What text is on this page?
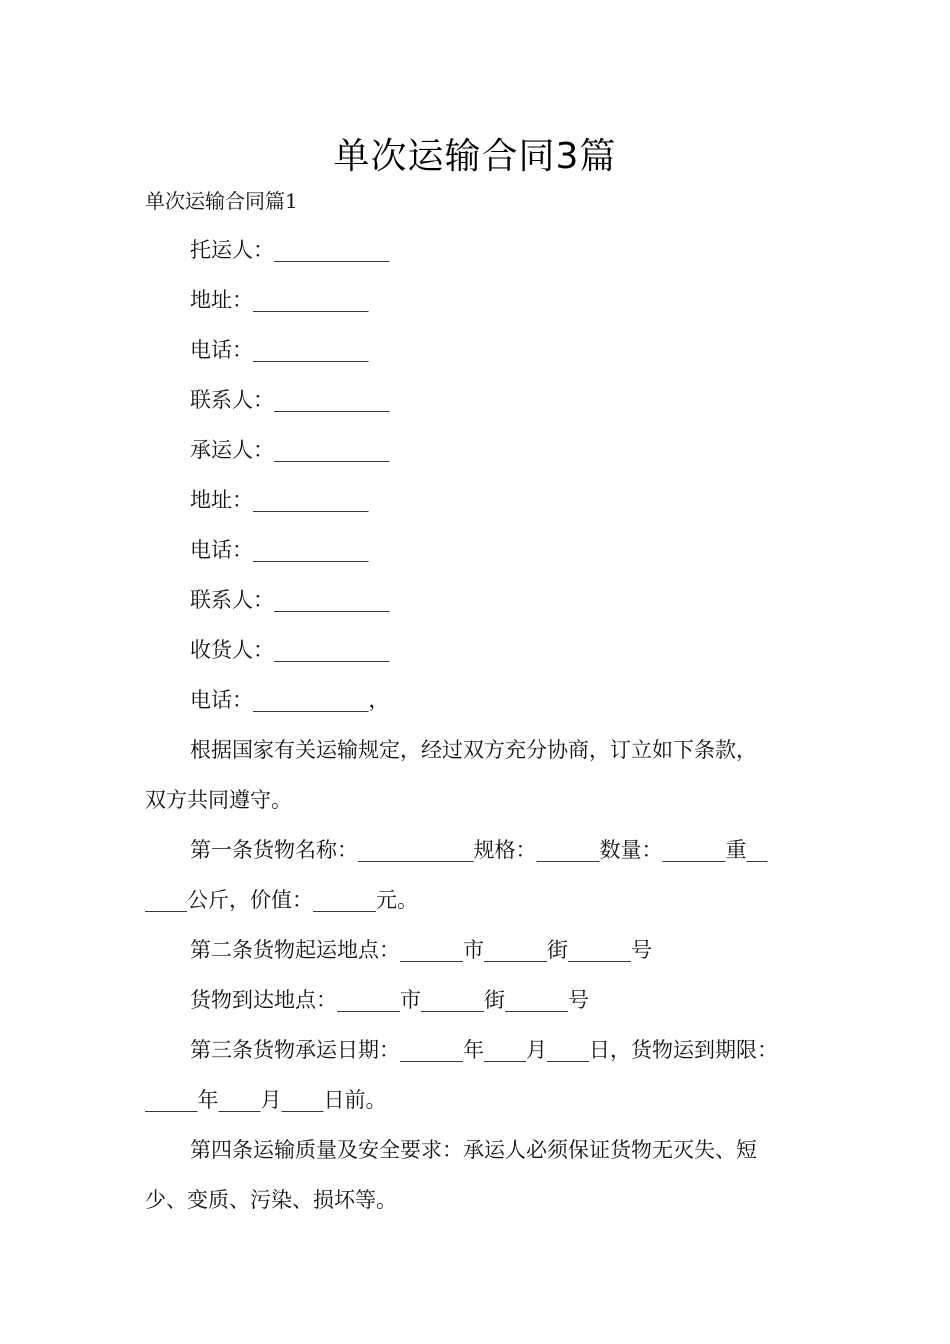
单次运输合同3篇

单次运输合同篇1

托运人：___________

地址：___________

电话：___________

联系人：___________

承运人：___________

地址：___________

电话：___________

联系人：___________

收货人：___________

电话：___________，

根据国家有关运输规定，经过双方充分协商，订立如下条款，

双方共同遵守。

第一条货物名称：___________规格：______数量：______重__

____公斤，价值：______元。

第二条货物起运地点：______市______街______号

货物到达地点：______市______街______号

第三条货物承运日期：______年____月____日，货物运到期限：

_____年____月____日前。

第四条运输质量及安全要求：承运人必须保证货物无灭失、短

少、变质、污染、损坏等。
